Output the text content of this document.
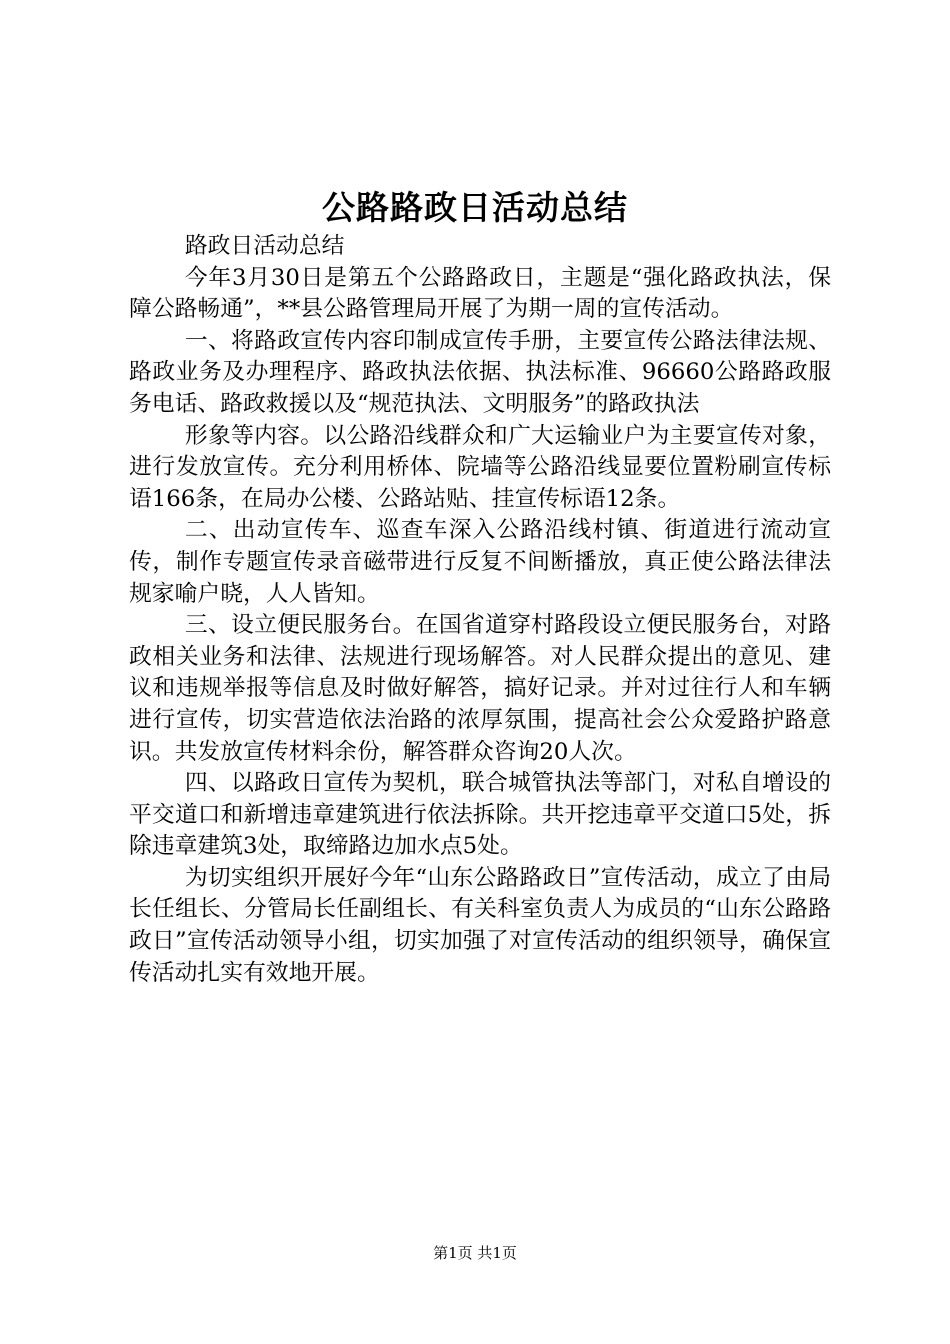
公路路政日活动总结

路政日活动总结

今年3月30日是第五个公路路政日，主题是“强化路政执法，保障公路畅通”，**县公路管理局开展了为期一周的宣传活动。

一、将路政宣传内容印制成宣传手册，主要宣传公路法律法规、路政业务及办理程序、路政执法依据、执法标准、96660公路路政服务电话、路政救援以及“规范执法、文明服务”的路政执法

形象等内容。以公路沿线群众和广大运输业户为主要宣传对象，进行发放宣传。充分利用桥体、院墙等公路沿线显要位置粉刷宣传标语166条，在局办公楼、公路站贴、挂宣传标语12条。

二、出动宣传车、巡查车深入公路沿线村镇、街道进行流动宣传，制作专题宣传录音磁带进行反复不间断播放，真正使公路法律法规家喻户晓，人人皆知。

三、设立便民服务台。在国省道穿村路段设立便民服务台，对路政相关业务和法律、法规进行现场解答。对人民群众提出的意见、建议和违规举报等信息及时做好解答，搞好记录。并对过往行人和车辆进行宣传，切实营造依法治路的浓厚氛围，提高社会公众爱路护路意识。共发放宣传材料余份，解答群众咨询20人次。

四、以路政日宣传为契机，联合城管执法等部门，对私自增设的平交道口和新增违章建筑进行依法拆除。共开挖违章平交道口5处，拆除违章建筑3处，取缔路边加水点5处。

为切实组织开展好今年“山东公路路政日”宣传活动，成立了由局长任组长、分管局长任副组长、有关科室负责人为成员的“山东公路路政日”宣传活动领导小组，切实加强了对宣传活动的组织领导，确保宣传活动扎实有效地开展。

第1页 共1页
